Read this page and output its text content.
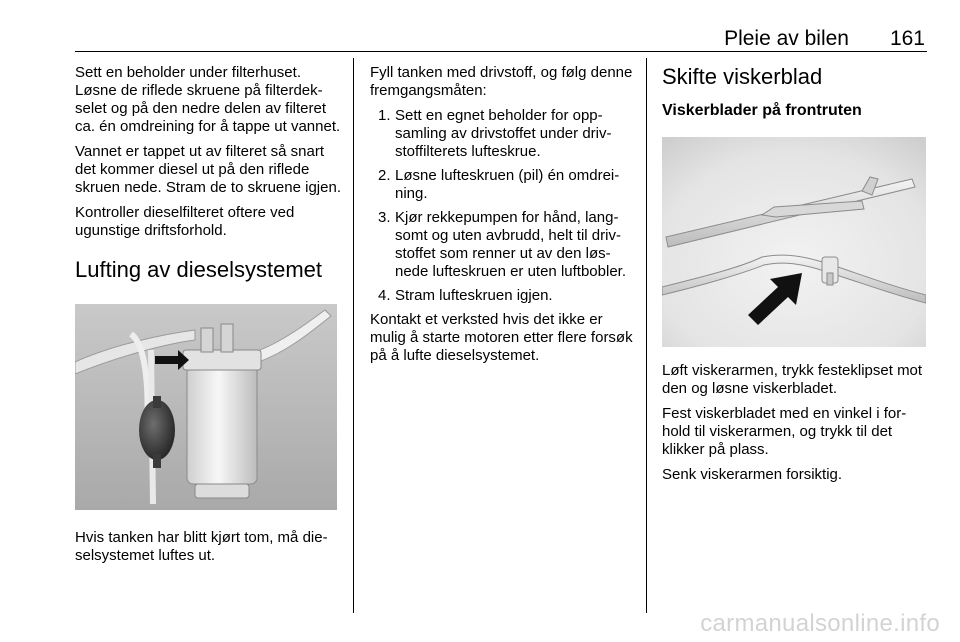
Pleie av bilen 161

Sett en beholder under filterhuset. Løsne de riflede skruene på filterdekselet og på den nedre delen av filteret ca. én omdreining for å tappe ut vannet.

Vannet er tappet ut av filteret så snart det kommer diesel ut på den riflede skruen nede. Stram de to skruene igjen.

Kontroller dieselfilteret oftere ved ugunstige driftsforhold.

Lufting av dieselsystemet

Hvis tanken har blitt kjørt tom, må dieselsystemet luftes ut.

Fyll tanken med drivstoff, og følg denne fremgangsmåten:

1. Sett en egnet beholder for oppsamling av drivstoffet under drivstoffilterets lufteskrue.
2. Løsne lufteskruen (pil) én omdreining.
3. Kjør rekkepumpen for hånd, langsomt og uten avbrudd, helt til drivstoffet som renner ut av den løsnede lufteskruen er uten luftbobler.
4. Stram lufteskruen igjen.

Kontakt et verksted hvis det ikke er mulig å starte motoren etter flere forsøk på å lufte dieselsystemet.

Skifte viskerblad
Viskerblader på frontruten

Løft viskerarmen, trykk festeklipset mot den og løsne viskerbladet.

Fest viskerbladet med en vinkel i forhold til viskerarmen, og trykk til det klikker på plass.

Senk viskerarmen forsiktig.

carmanualsonline.info
